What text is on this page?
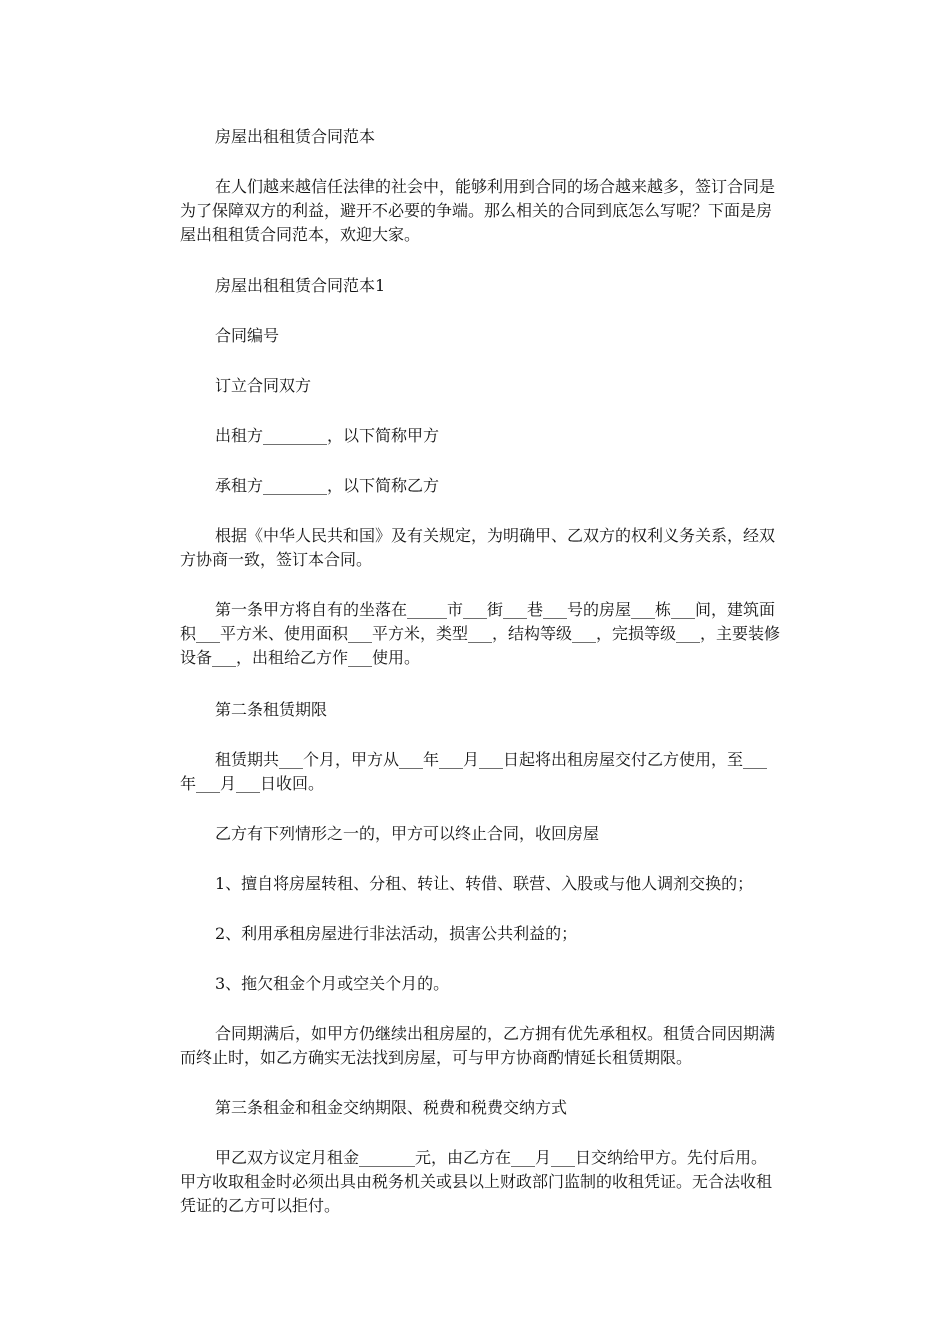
房屋出租租赁合同范本

在人们越来越信任法律的社会中，能够利用到合同的场合越来越多，签订合同是为了保障双方的利益，避开不必要的争端。那么相关的合同到底怎么写呢？下面是房屋出租租赁合同范本，欢迎大家。

房屋出租租赁合同范本1

合同编号

订立合同双方

出租方________，以下简称甲方

承租方________，以下简称乙方

根据《中华人民共和国》及有关规定，为明确甲、乙双方的权利义务关系，经双方协商一致，签订本合同。

第一条甲方将自有的坐落在_____市___街___巷___号的房屋___栋___间，建筑面积___平方米、使用面积___平方米，类型___，结构等级___，完损等级___，主要装修设备___，出租给乙方作___使用。

第二条租赁期限

租赁期共___个月，甲方从___年___月___日起将出租房屋交付乙方使用，至___年___月___日收回。

乙方有下列情形之一的，甲方可以终止合同，收回房屋

1、擅自将房屋转租、分租、转让、转借、联营、入股或与他人调剂交换的；

2、利用承租房屋进行非法活动，损害公共利益的；

3、拖欠租金个月或空关个月的。

合同期满后，如甲方仍继续出租房屋的，乙方拥有优先承租权。租赁合同因期满而终止时，如乙方确实无法找到房屋，可与甲方协商酌情延长租赁期限。

第三条租金和租金交纳期限、税费和税费交纳方式

甲乙双方议定月租金_______元，由乙方在___月___日交纳给甲方。先付后用。甲方收取租金时必须出具由税务机关或县以上财政部门监制的收租凭证。无合法收租凭证的乙方可以拒付。
